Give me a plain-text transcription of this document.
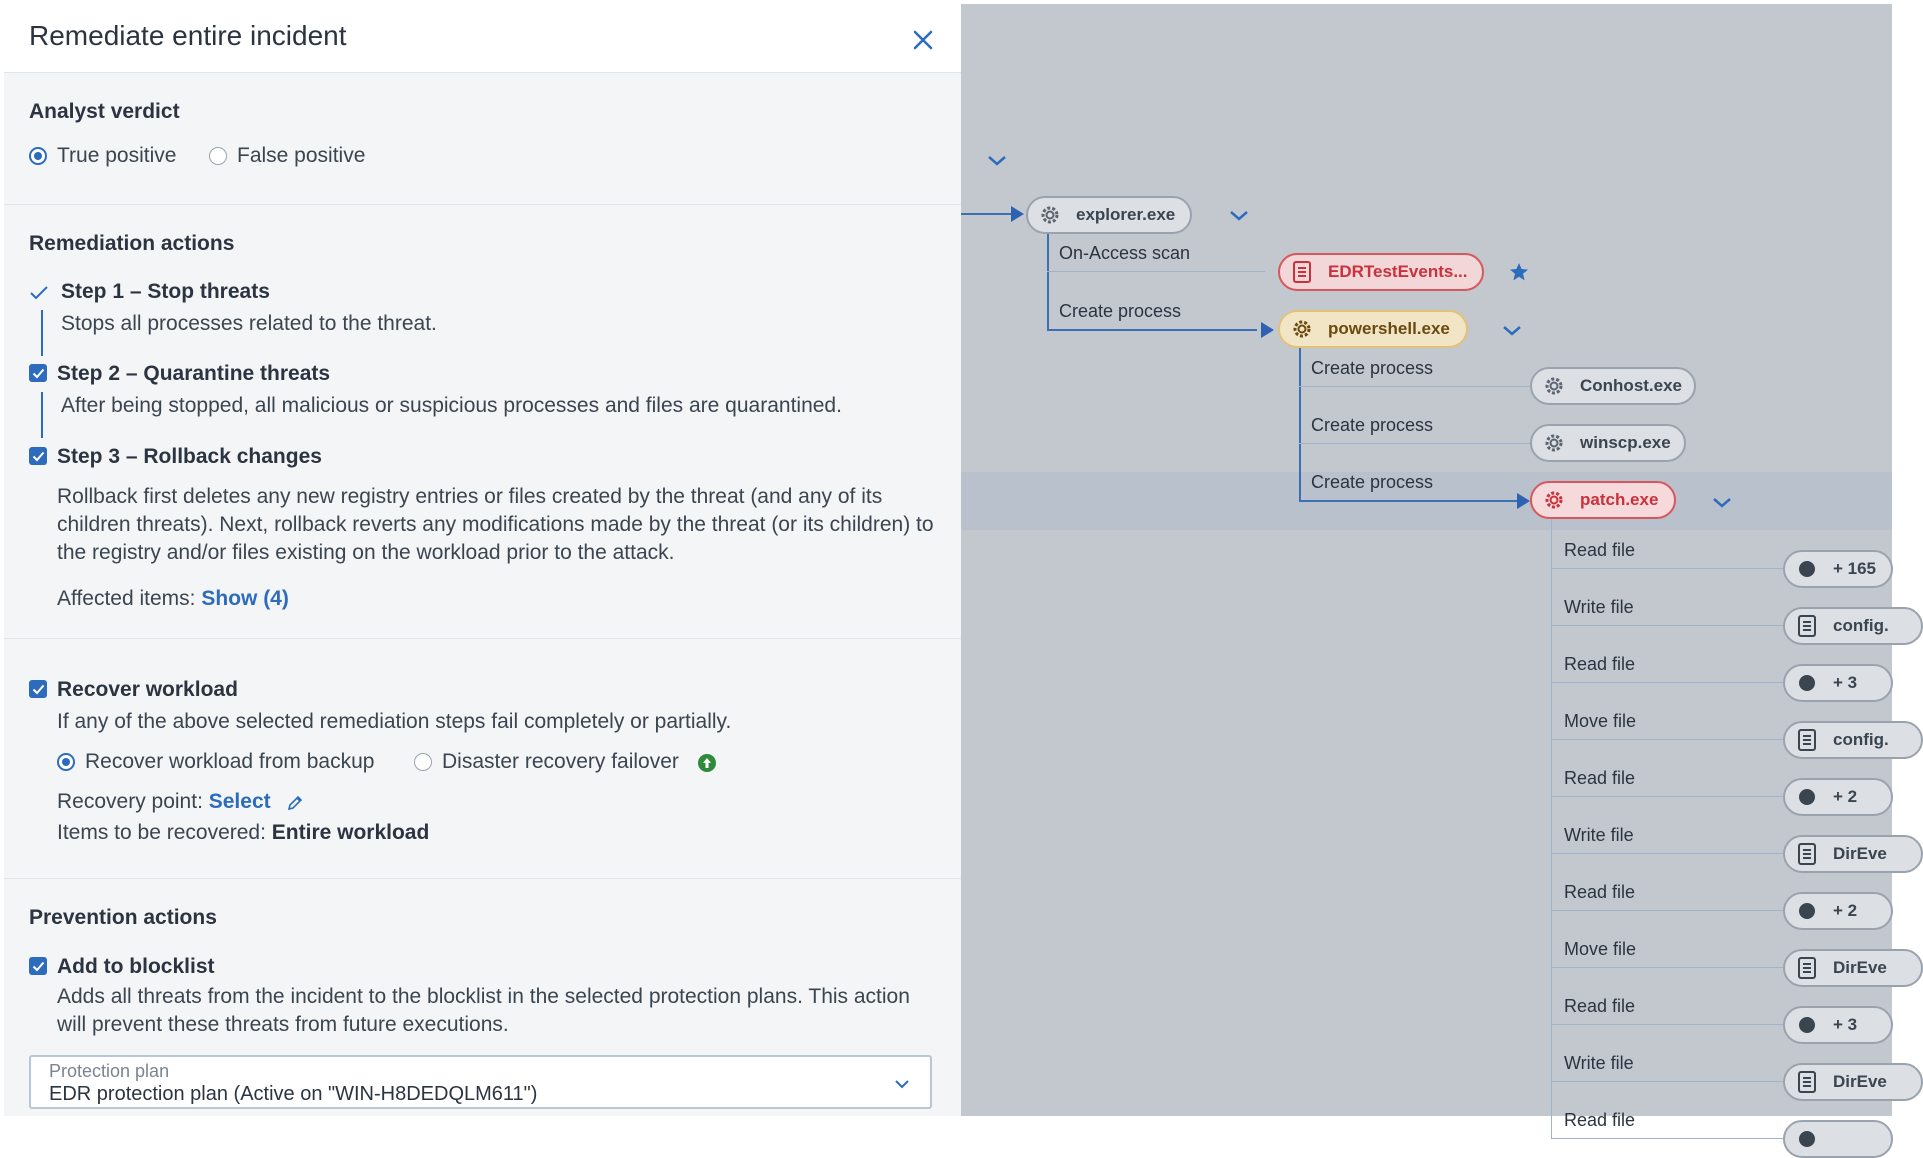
explorer.exe
On-Access scan
Create process
EDRTestEvents...
powershell.exe
Create process
Create process
Create process
Conhost.exe
winscp.exe
patch.exe
Read file
+ 165
Write file
config.
Read file
+ 3
Move file
config.
Read file
+ 2
Write file
DirEve
Read file
+ 2
Move file
DirEve
Read file
+ 3
Write file
DirEve
Read file
Remediate entire incident
Analyst verdict
True positive	False positive
Remediation actions
Step 1 – Stop threats
Stops all processes related to the threat.
Step 2 – Quarantine threats
After being stopped, all malicious or suspicious processes and files are quarantined.
Step 3 – Rollback changes
Rollback first deletes any new registry entries or files created by the threat (and any of its children threats). Next, rollback reverts any modifications made by the threat (or its children) to the registry and/or files existing on the workload prior to the attack.
Affected items: Show (4)
Recover workload
If any of the above selected remediation steps fail completely or partially.
Recover workload from backup	Disaster recovery failover
Recovery point: Select
Items to be recovered: Entire workload
Prevention actions
Add to blocklist
Adds all threats from the incident to the blocklist in the selected protection plans. This action will prevent these threats from future executions.
Protection plan
EDR protection plan (Active on "WIN-H8DEDQLM611")
